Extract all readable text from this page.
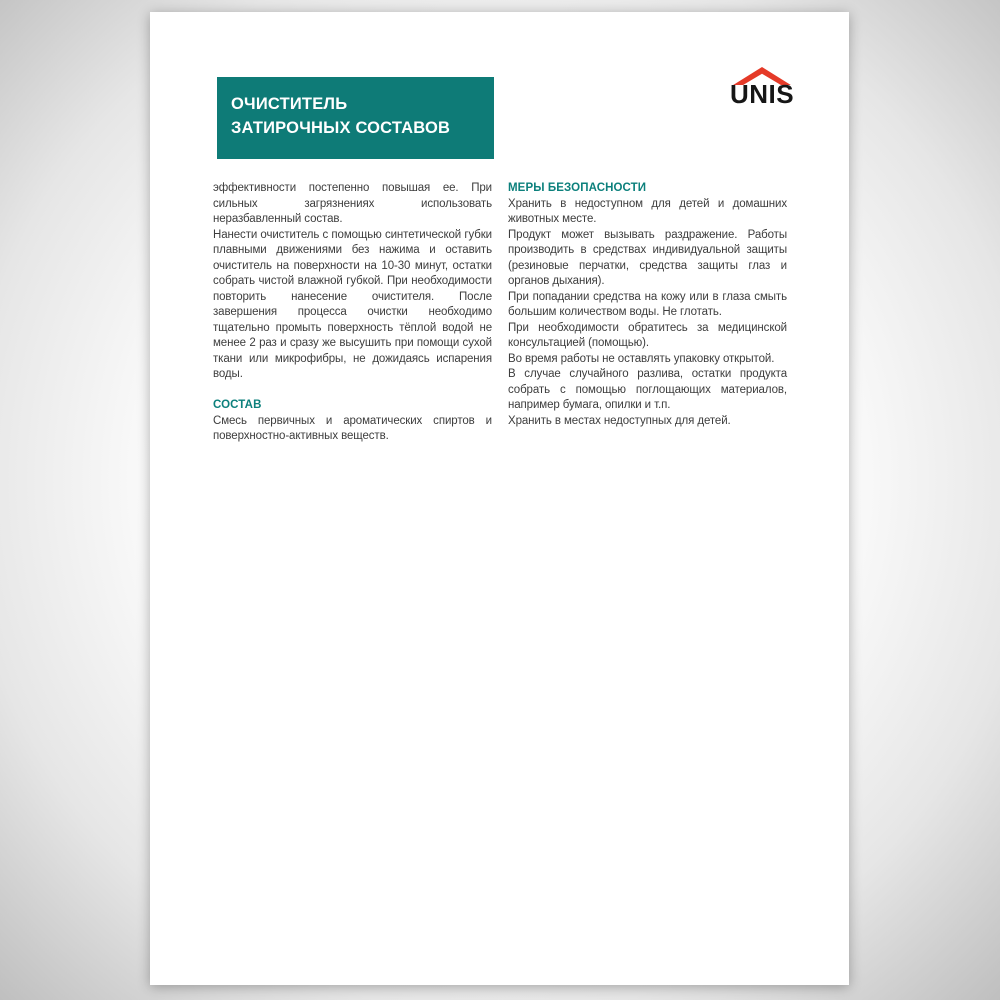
ОЧИСТИТЕЛЬ
ЗАТИРОЧНЫХ СОСТАВОВ
UNIS

эффективности постепенно повышая ее. При сильных загрязнениях использовать неразбавленный состав.

Нанести очиститель с помощью синтетической губки плавными движениями без нажима и оставить очиститель на поверхности на 10-30 минут, остатки собрать чистой влажной губкой. При необходимости повторить нанесение очистителя. После завершения процесса очистки необходимо тщательно промыть поверхность тёплой водой не менее 2 раз и сразу же высушить при помощи сухой ткани или микрофибры, не дожидаясь испарения воды.

СОСТАВ

Смесь первичных и ароматических спиртов и поверхностно-активных веществ.

МЕРЫ БЕЗОПАСНОСТИ

Хранить в недоступном для детей и домашних животных месте.

Продукт может вызывать раздражение. Работы производить в средствах индивидуальной защиты (резиновые перчатки, средства защиты глаз и органов дыхания).

При попадании средства на кожу или в глаза смыть большим количеством воды. Не глотать.

При необходимости обратитесь за медицинской консультацией (помощью).

Во время работы не оставлять упаковку открытой.

В случае случайного разлива, остатки продукта собрать с помощью поглощающих материалов, например бумага, опилки и т.п.

Хранить в местах недоступных для детей.
